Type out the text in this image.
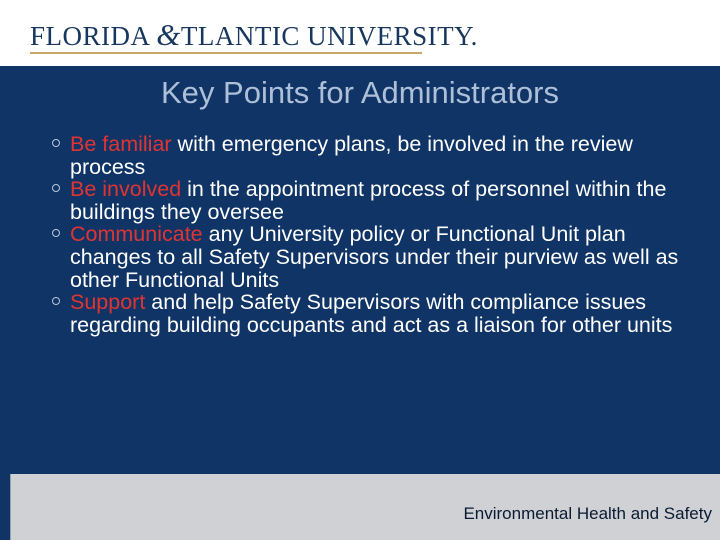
FLORIDA &TLANTIC UNIVERSITY.
Key Points for Administrators
Be familiar with emergency plans, be involved in the review process
Be involved in the appointment process of personnel within the buildings they oversee
Communicate any University policy or Functional Unit plan changes to all Safety Supervisors under their purview as well as other Functional Units
Support and help Safety Supervisors with compliance issues regarding building occupants and act as a liaison for other units
Environmental Health and Safety
